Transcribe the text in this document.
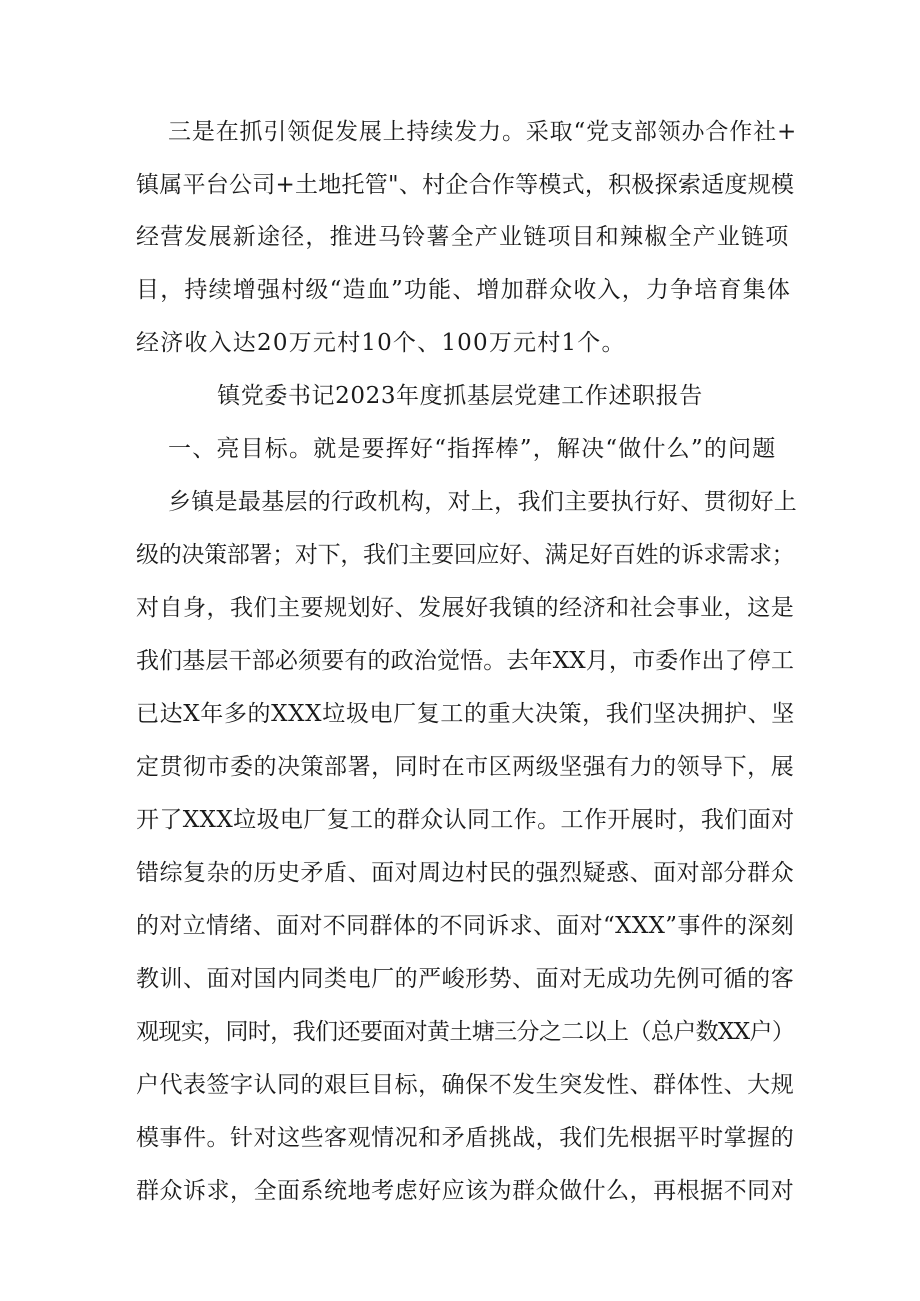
三是在抓引领促发展上持续发力。采取“党支部领办合作社+
镇属平台公司+土地托管"、村企合作等模式，积极探索适度规模
经营发展新途径，推进马铃薯全产业链项目和辣椒全产业链项
目，持续增强村级“造血”功能、增加群众收入，力争培育集体
经济收入达20万元村10个、100万元村1个。
镇党委书记2023年度抓基层党建工作述职报告
一、亮目标。就是要挥好“指挥棒”，解决“做什么”的问题
乡镇是最基层的行政机构，对上，我们主要执行好、贯彻好上
级的决策部署；对下，我们主要回应好、满足好百姓的诉求需求；
对自身，我们主要规划好、发展好我镇的经济和社会事业，这是
我们基层干部必须要有的政治觉悟。去年XX月，市委作出了停工
已达X年多的XXX垃圾电厂复工的重大决策，我们坚决拥护、坚
定贯彻市委的决策部署，同时在市区两级坚强有力的领导下，展
开了XXX垃圾电厂复工的群众认同工作。工作开展时，我们面对
错综复杂的历史矛盾、面对周边村民的强烈疑惑、面对部分群众
的对立情绪、面对不同群体的不同诉求、面对“XXX”事件的深刻
教训、面对国内同类电厂的严峻形势、面对无成功先例可循的客
观现实，同时，我们还要面对黄土塘三分之二以上（总户数XX户）
户代表签字认同的艰巨目标，确保不发生突发性、群体性、大规
模事件。针对这些客观情况和矛盾挑战，我们先根据平时掌握的
群众诉求，全面系统地考虑好应该为群众做什么，再根据不同对
